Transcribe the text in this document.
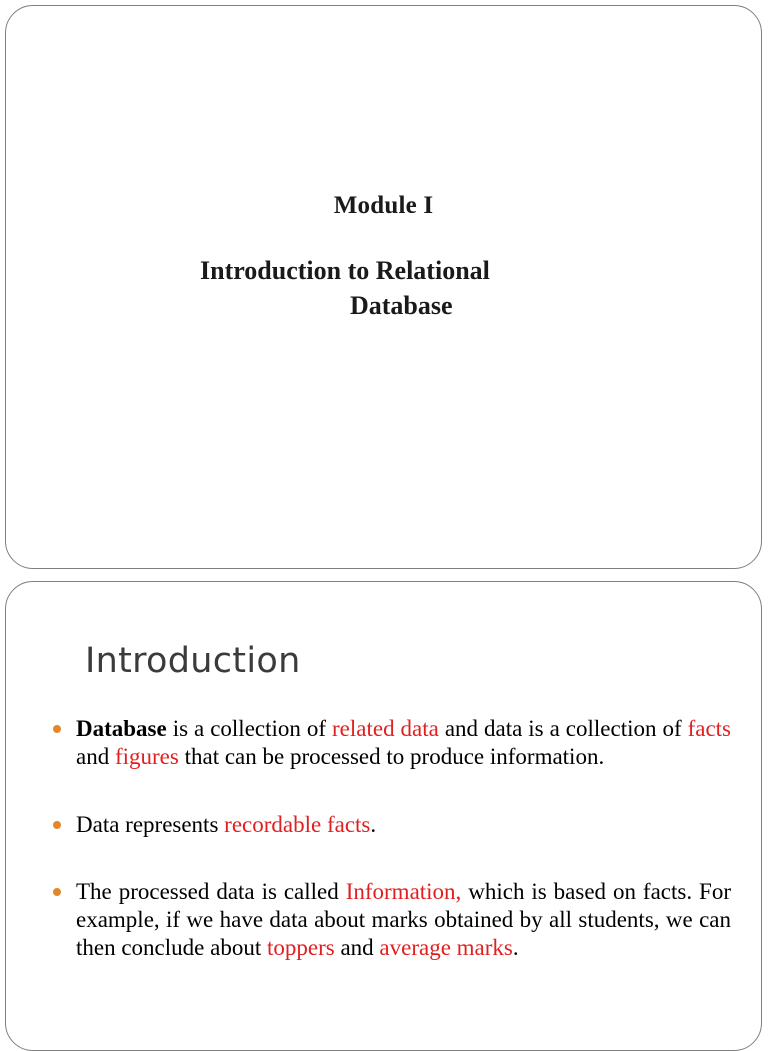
Module I
Introduction to Relational
Database
Introduction
Database is a collection of related data and data is a collection of facts and figures that can be processed to produce information.
Data represents recordable facts.
The processed data is called Information, which is based on facts. For example, if we have data about marks obtained by all students, we can then conclude about toppers and average marks.
